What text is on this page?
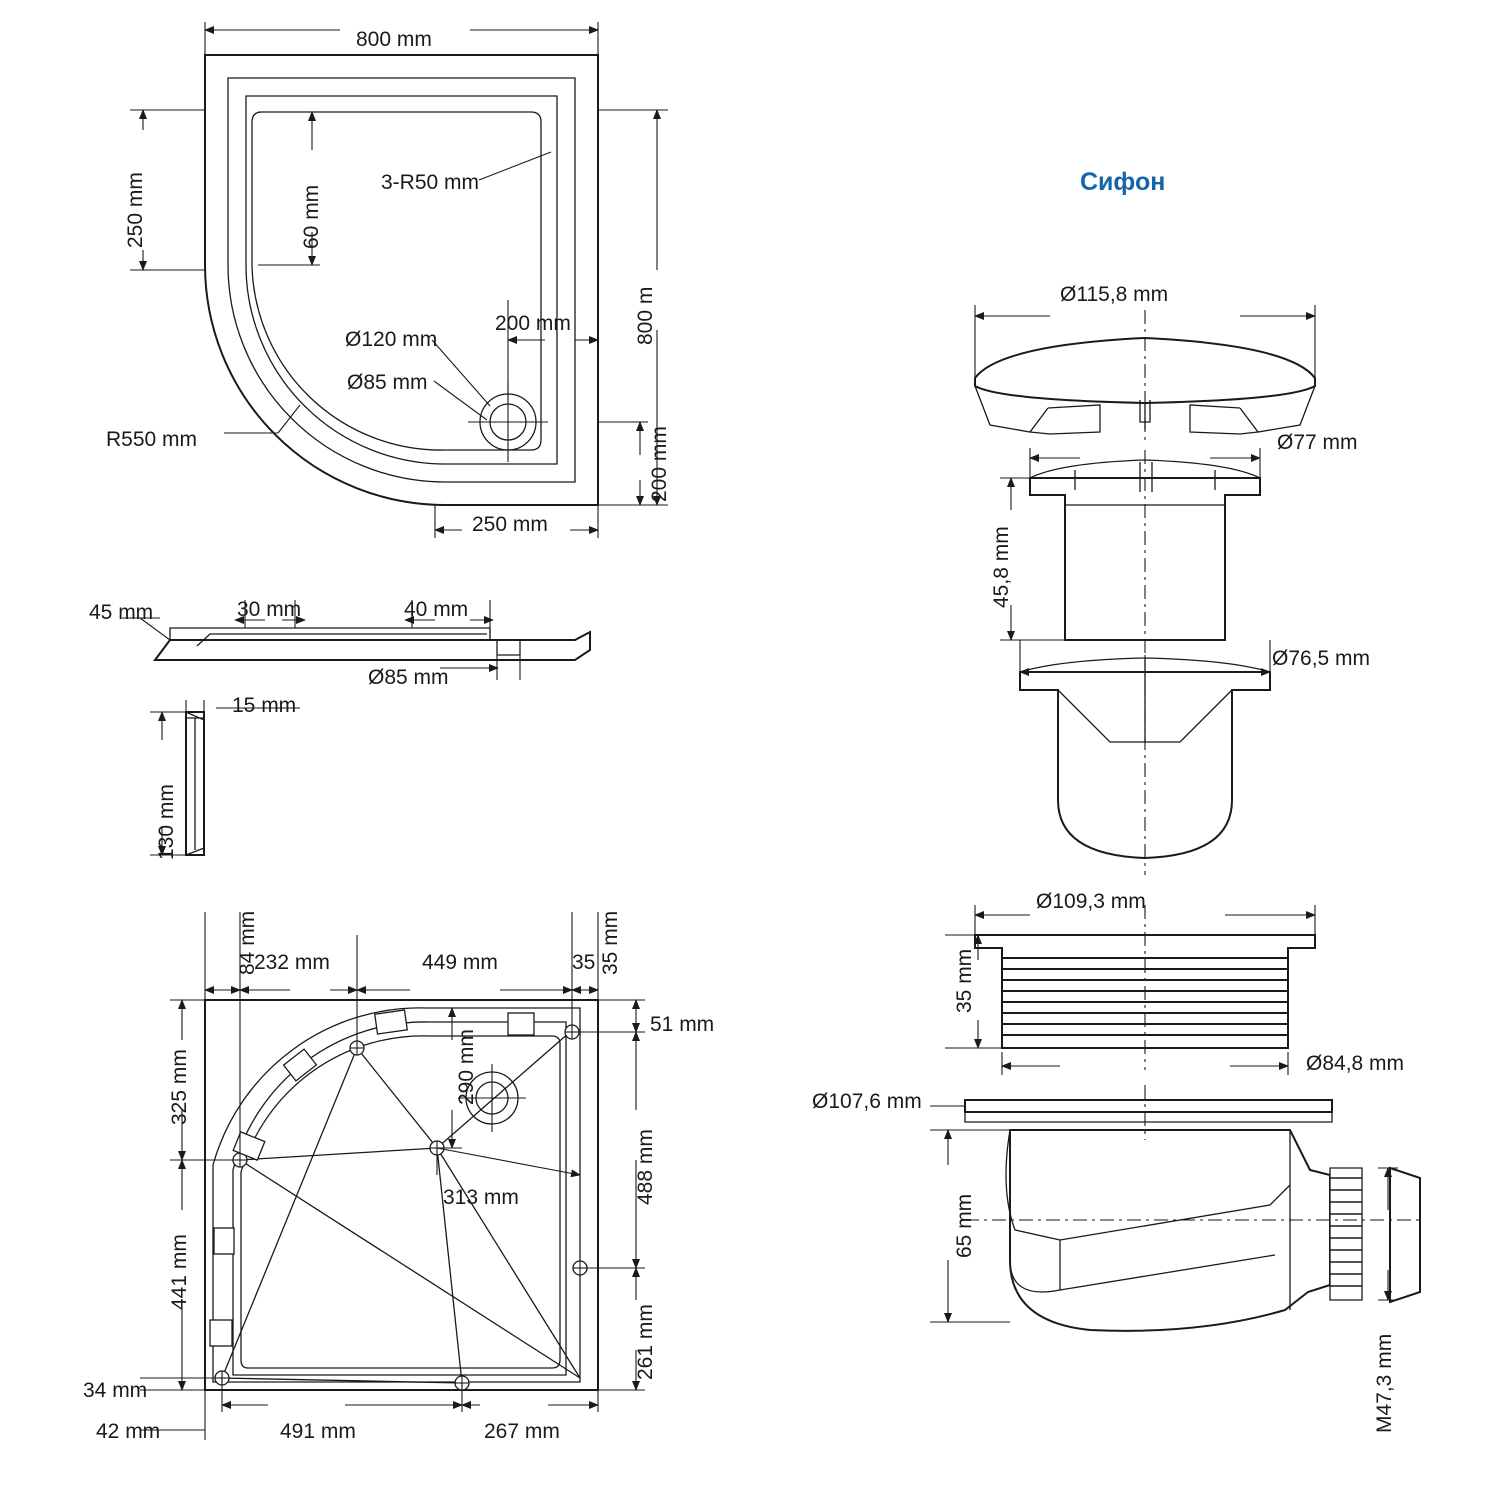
Сифон
800 mm
800 m
250 mm	60 mm
3-R50 mm
Ø120 mm
200 mm
Ø85 mm
200 mm
R550 mm
250 mm
45 mm	30 mm	40 mm
Ø85 mm
15 mm
130 mm
84 mm	35 mm
232 mm	449 mm	35
51 mm
325 mm	290 mm
488 mm
313 mm
441 mm
261 mm
34 mm
42 mm	491 mm	267 mm
Ø115,8 mm
Ø77 mm
45,8 mm
Ø76,5 mm
Ø109,3 mm
35 mm
Ø84,8 mm
Ø107,6 mm
65 mm
M47,3 mm
